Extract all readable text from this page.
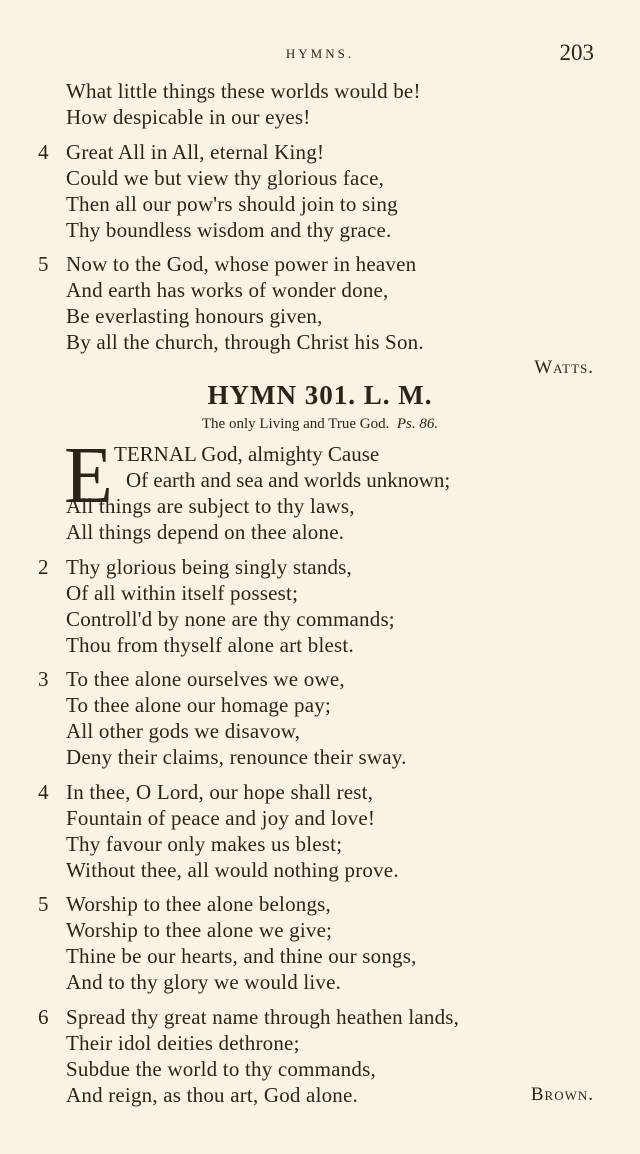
HYMNS.	203
What little things these worlds would be!
How despicable in our eyes!
4 Great All in All, eternal King!
Could we but view thy glorious face,
Then all our pow'rs should join to sing
Thy boundless wisdom and thy grace.
5 Now to the God, whose power in heaven
And earth has works of wonder done,
Be everlasting honours given,
By all the church, through Christ his Son.
Watts.
HYMN 301. L. M.
The only Living and True God. Ps. 86.
E TERNAL God, almighty Cause
Of earth and sea and worlds unknown;
All things are subject to thy laws,
All things depend on thee alone.
2 Thy glorious being singly stands,
Of all within itself possest;
Controll'd by none are thy commands;
Thou from thyself alone art blest.
3 To thee alone ourselves we owe,
To thee alone our homage pay;
All other gods we disavow,
Deny their claims, renounce their sway.
4 In thee, O Lord, our hope shall rest,
Fountain of peace and joy and love!
Thy favour only makes us blest;
Without thee, all would nothing prove.
5 Worship to thee alone belongs,
Worship to thee alone we give;
Thine be our hearts, and thine our songs,
And to thy glory we would live.
6 Spread thy great name through heathen lands,
Their idol deities dethrone;
Subdue the world to thy commands,
And reign, as thou art, God alone.	Brown.
